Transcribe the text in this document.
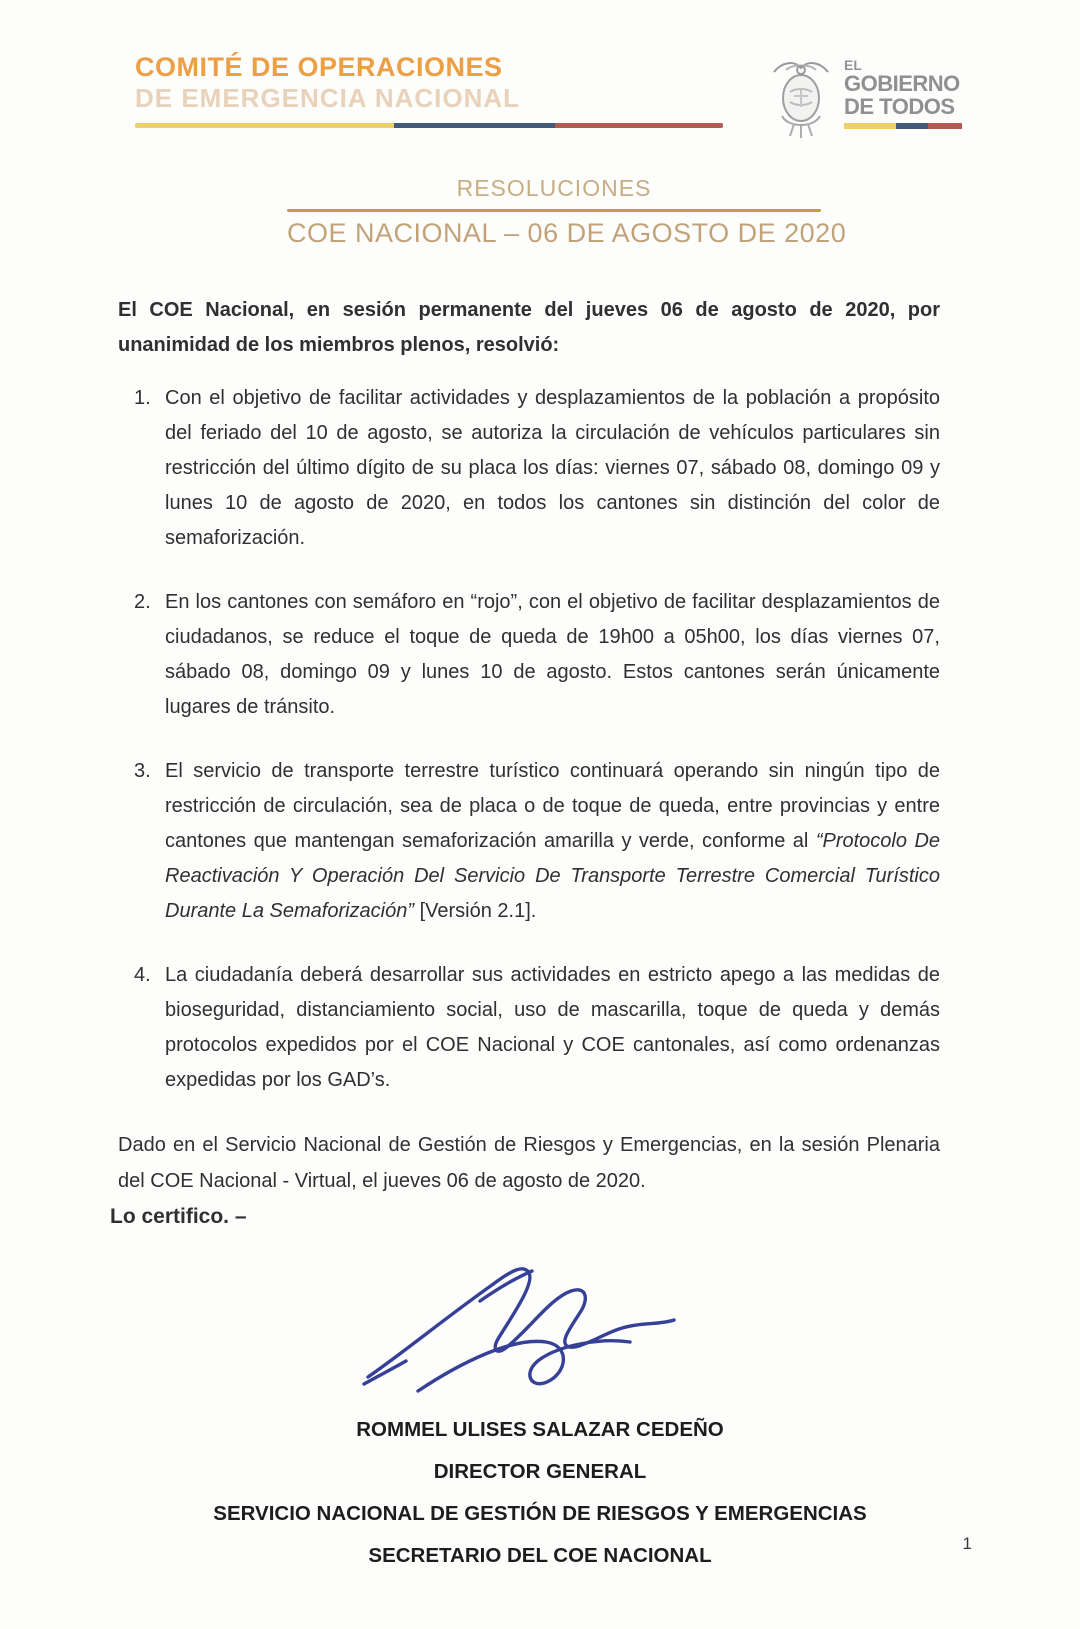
COMITÉ DE OPERACIONES
DE EMERGENCIA NACIONAL
EL
GOBIERNO
DE TODOS
RESOLUCIONES
COE NACIONAL – 06 DE AGOSTO DE 2020
El COE Nacional, en sesión permanente del jueves 06 de agosto de 2020, por unanimidad de los miembros plenos, resolvió:
1. Con el objetivo de facilitar actividades y desplazamientos de la población a propósito del feriado del 10 de agosto, se autoriza la circulación de vehículos particulares sin restricción del último dígito de su placa los días: viernes 07, sábado 08, domingo 09 y lunes 10 de agosto de 2020, en todos los cantones sin distinción del color de semaforización.
2. En los cantones con semáforo en “rojo”, con el objetivo de facilitar desplazamientos de ciudadanos, se reduce el toque de queda de 19h00 a 05h00, los días viernes 07, sábado 08, domingo 09 y lunes 10 de agosto. Estos cantones serán únicamente lugares de tránsito.
3. El servicio de transporte terrestre turístico continuará operando sin ningún tipo de restricción de circulación, sea de placa o de toque de queda, entre provincias y entre cantones que mantengan semaforización amarilla y verde, conforme al “Protocolo De Reactivación Y Operación Del Servicio De Transporte Terrestre Comercial Turístico Durante La Semaforización” [Versión 2.1].
4. La ciudadanía deberá desarrollar sus actividades en estricto apego a las medidas de bioseguridad, distanciamiento social, uso de mascarilla, toque de queda y demás protocolos expedidos por el COE Nacional y COE cantonales, así como ordenanzas expedidas por los GAD’s.
Dado en el Servicio Nacional de Gestión de Riesgos y Emergencias, en la sesión Plenaria del COE Nacional - Virtual, el jueves 06 de agosto de 2020.
Lo certifico. –
ROMMEL ULISES SALAZAR CEDEÑO
DIRECTOR GENERAL
SERVICIO NACIONAL DE GESTIÓN DE RIESGOS Y EMERGENCIAS
SECRETARIO DEL COE NACIONAL
1
